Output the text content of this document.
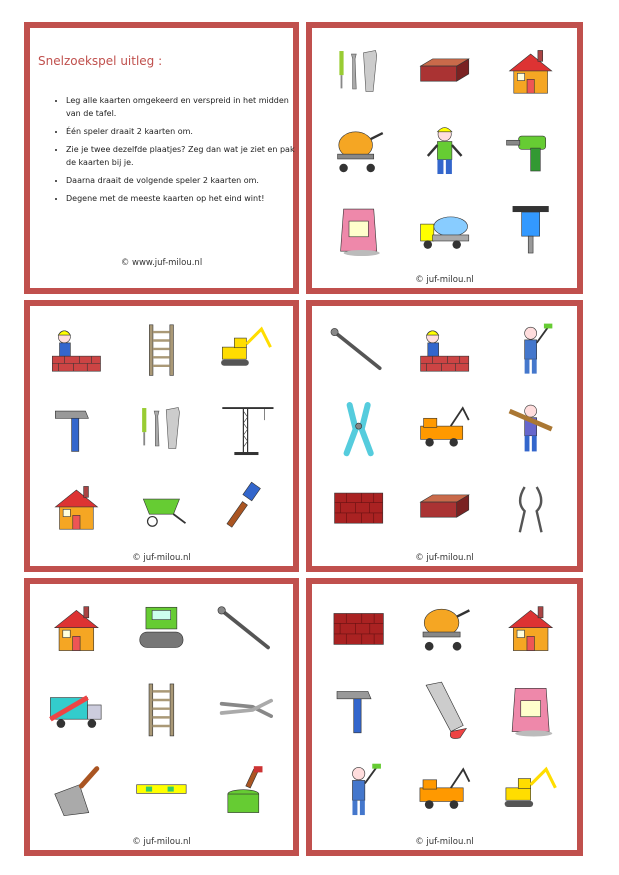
Snelzoekspel uitleg :
• Leg alle kaarten omgekeerd en verspreid in het midden van de tafel.
• Één speler draait 2 kaarten om.
• Zie je twee dezelfde plaatjes? Zeg dan wat je ziet en pak de kaarten bij je.
• Daarna draait de volgende speler 2 kaarten om.
• Degene met de meeste kaarten op het eind wint!
© www.juf-milou.nl
© juf-milou.nl
© juf-milou.nl	© juf-milou.nl
© juf-milou.nl	© juf-milou.nl
